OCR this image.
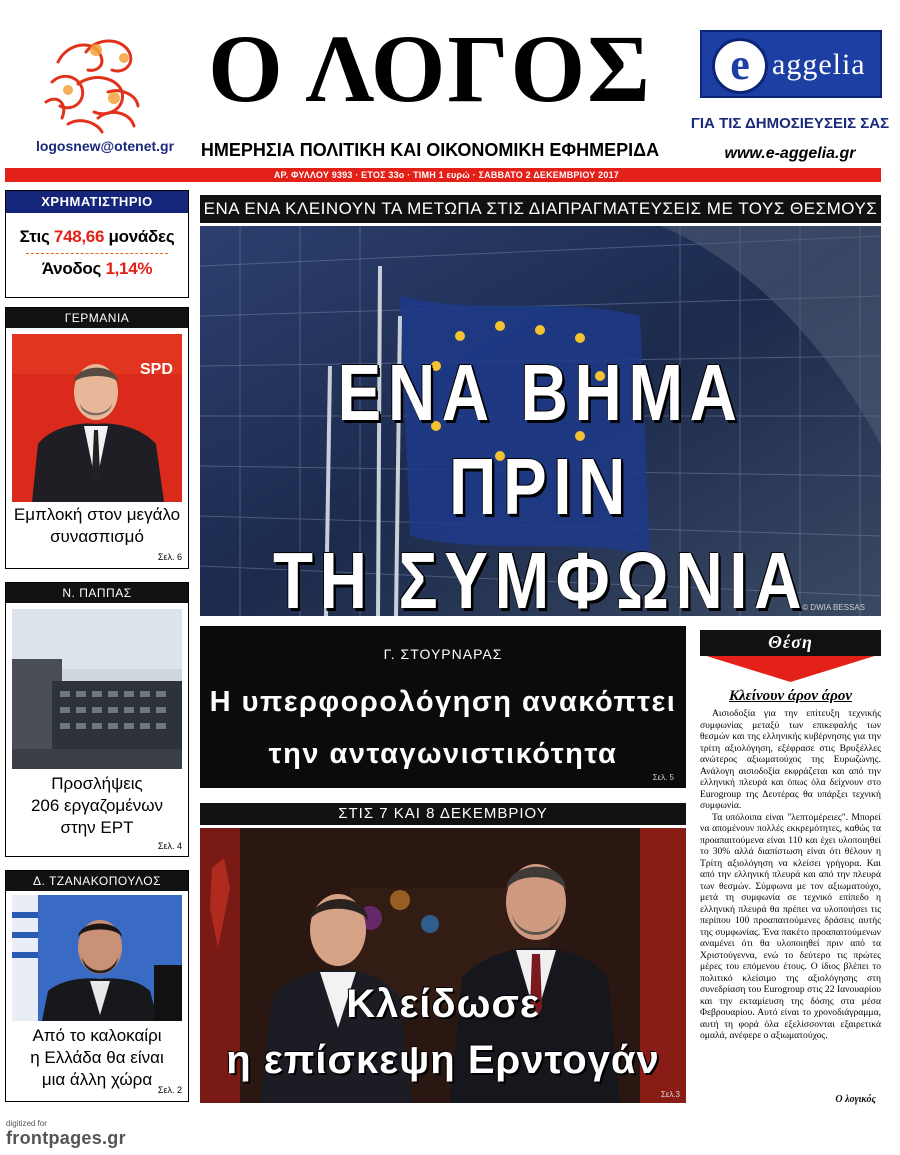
logosnew@otenet.gr
Ο ΛΟΓΟΣ
ΗΜΕΡΗΣΙΑ ΠΟΛΙΤΙΚΗ ΚΑΙ ΟΙΚΟΝΟΜΙΚΗ ΕΦΗΜΕΡΙΔΑ
e aggelia
ΓΙΑ ΤΙΣ ΔΗΜΟΣΙΕΥΣΕΙΣ ΣΑΣ
www.e-aggelia.gr
ΑΡ. ΦΥΛΛΟΥ 9393 · ΕΤΟΣ 33ο · ΤΙΜΗ 1 ευρώ · ΣΑΒΒΑΤΟ 2 ΔΕΚΕΜΒΡΙΟΥ 2017
ΧΡΗΜΑΤΙΣΤΗΡΙΟ
Στις 748,66 μονάδες
Άνοδος 1,14%
ΓΕΡΜΑΝΙΑ
SPD
Εμπλοκή στον μεγάλο
συνασπισμό
Σελ. 6
Ν. ΠΑΠΠΑΣ
Προσλήψεις
206 εργαζομένων
στην ΕΡΤ
Σελ. 4
Δ. ΤΖΑΝΑΚΟΠΟΥΛΟΣ
Από το καλοκαίρι
η Ελλάδα θα είναι
μια άλλη χώρα
Σελ. 2
ΕΝΑ ΕΝΑ ΚΛΕΙΝΟΥΝ ΤΑ ΜΕΤΩΠΑ ΣΤΙΣ ΔΙΑΠΡΑΓΜΑΤΕΥΣΕΙΣ ΜΕ ΤΟΥΣ ΘΕΣΜΟΥΣ
ΕΝΑ ΒΗΜΑ ΠΡΙΝ
ΤΗ ΣΥΜΦΩΝΙΑ
© DWIA BESSAS
Γ. ΣΤΟΥΡΝΑΡΑΣ
Η υπερφορολόγηση ανακόπτει
την ανταγωνιστικότητα
Σελ. 5
ΣΤΙΣ 7 ΚΑΙ 8 ΔΕΚΕΜΒΡΙΟΥ
Κλείδωσε
η επίσκεψη Ερντογάν
Σελ.3
Θέση
Κλείνουν άρον άρον

Αισιοδοξία για την επίτευξη τεχνικής συμφωνίας μεταξύ των επικεφαλής των θεσμών και της ελληνικής κυβέρνησης για την τρίτη αξιολόγηση, εξέφρασε στις Βρυξέλλες ανώτερος αξιωματούχος της Ευρωζώνης. Ανάλογη αισιοδοξία εκφράζεται και από την ελληνική πλευρά και όπως όλα δείχνουν στο Eurogroup της Δευτέρας θα υπάρξει τεχνική συμφωνία.

Τα υπόλοιπα είναι "λεπτομέρειες". Μπορεί να απομένουν πολλές εκκρεμότητες, καθώς τα προαπαιτούμενα είναι 110 και έχει υλοποιηθεί το 30% αλλά διαπίστωση είναι ότι θέλουν η Τρίτη αξιολόγηση να κλείσει γρήγορα. Και από την ελληνική πλευρά και από την πλευρά των θεσμών. Σύμφωνα με τον αξιωματούχο, μετά τη συμφωνία σε τεχνικό επίπεδο η ελληνική πλευρά θα πρέπει να υλοποιήσει τις περίπου 100 προαπαιτούμενες δράσεις αυτής της συμφωνίας. Ένα πακέτο προαπαιτούμενων αναμένει ότι θα υλοποιηθεί πριν από τα Χριστούγεννα, ενώ το δεύτερο τις πρώτες μέρες του επόμενου έτους. Ο ίδιος βλέπει το πολιτικό κλείσιμο της αξιολόγησης στη συνεδρίαση του Eurogroup στις 22 Ιανουαρίου και την εκταμίευση της δόσης στα μέσα Φεβρουαρίου. Αυτό είναι το χρονοδιάγραμμα, αυτή τη φορά όλα εξελίσσονται εξαιρετικά ομαλά, ανέφερε ο αξιωματούχος.

Ο λογικός
digitized for
frontpages.gr
